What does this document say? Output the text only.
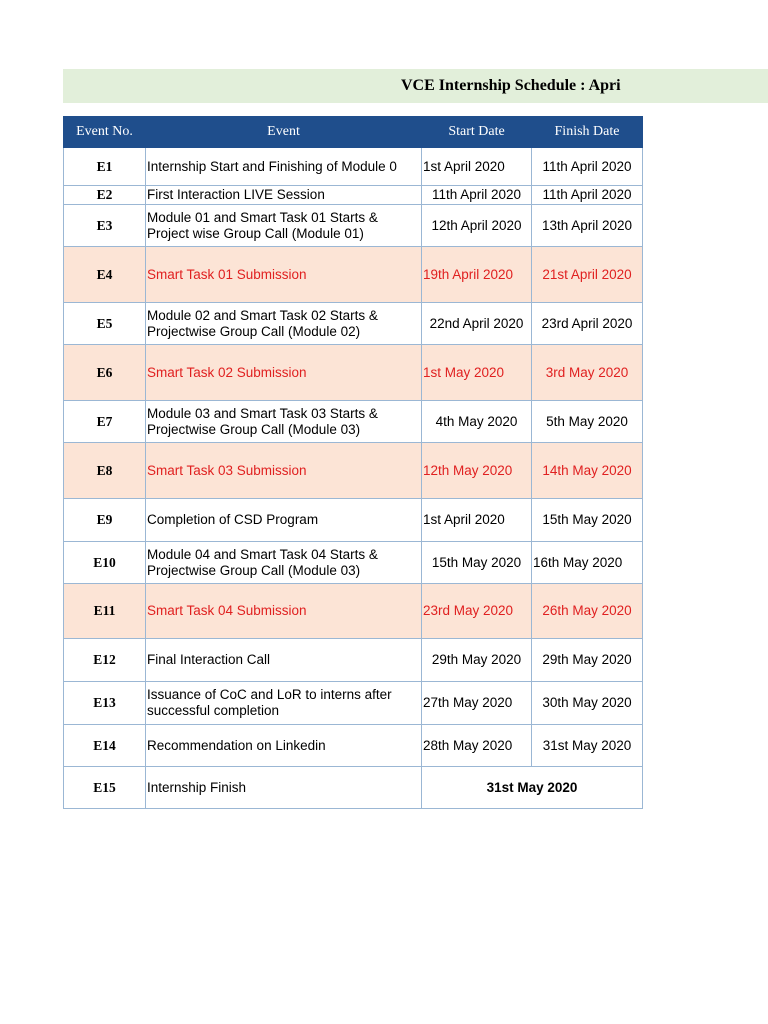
VCE Internship Schedule : Apri
Event No.	Event	Start Date	Finish Date
E1	Internship Start and Finishing of Module 0	1st April 2020	11th April 2020
E2	First Interaction LIVE Session	11th April 2020	11th April 2020
E3	Module 01 and Smart Task 01 Starts & Project wise Group Call (Module 01)	12th April 2020	13th April 2020
E4	Smart Task 01 Submission	19th April 2020	21st April 2020
E5	Module 02 and Smart Task 02 Starts & Projectwise Group Call (Module 02)	22nd April 2020	23rd April 2020
E6	Smart Task 02 Submission	1st May 2020	3rd May 2020
E7	Module 03 and Smart Task 03 Starts & Projectwise Group Call (Module 03)	4th May 2020	5th May 2020
E8	Smart Task 03 Submission	12th May 2020	14th May 2020
E9	Completion of CSD Program	1st April 2020	15th May 2020
E10	Module 04 and Smart Task 04 Starts & Projectwise Group Call (Module 03)	15th May 2020	16th May 2020
E11	Smart Task 04 Submission	23rd May 2020	26th May 2020
E12	Final Interaction Call	29th May 2020	29th May 2020
E13	Issuance of CoC and LoR to interns after successful completion	27th May 2020	30th May 2020
E14	Recommendation on Linkedin	28th May 2020	31st May 2020
E15	Internship Finish	31st May 2020	
